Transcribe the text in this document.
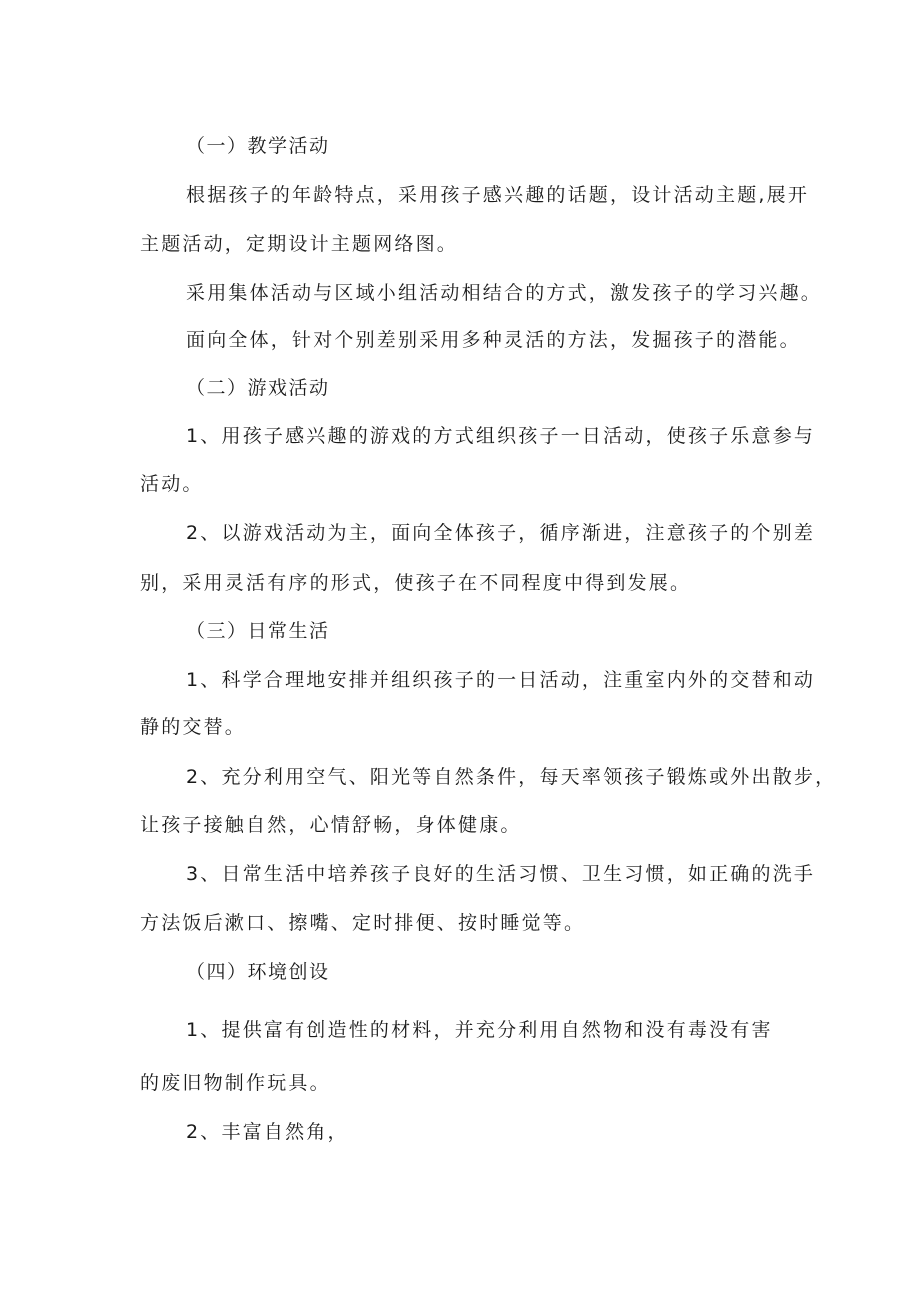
（一）教学活动
根据孩子的年龄特点，采用孩子感兴趣的话题，设计活动主题,展开
主题活动，定期设计主题网络图。
采用集体活动与区域小组活动相结合的方式，激发孩子的学习兴趣。
面向全体，针对个别差别采用多种灵活的方法，发掘孩子的潜能。
（二）游戏活动
1、用孩子感兴趣的游戏的方式组织孩子一日活动，使孩子乐意参与
活动。
2、以游戏活动为主，面向全体孩子，循序渐进，注意孩子的个别差
别，采用灵活有序的形式，使孩子在不同程度中得到发展。
（三）日常生活
1、科学合理地安排并组织孩子的一日活动，注重室内外的交替和动
静的交替。
2、充分利用空气、阳光等自然条件，每天率领孩子锻炼或外出散步，
让孩子接触自然，心情舒畅，身体健康。
3、日常生活中培养孩子良好的生活习惯、卫生习惯，如正确的洗手
方法饭后漱口、擦嘴、定时排便、按时睡觉等。
（四）环境创设
1、提供富有创造性的材料，并充分利用自然物和没有毒没有害
的废旧物制作玩具。
2、丰富自然角，
